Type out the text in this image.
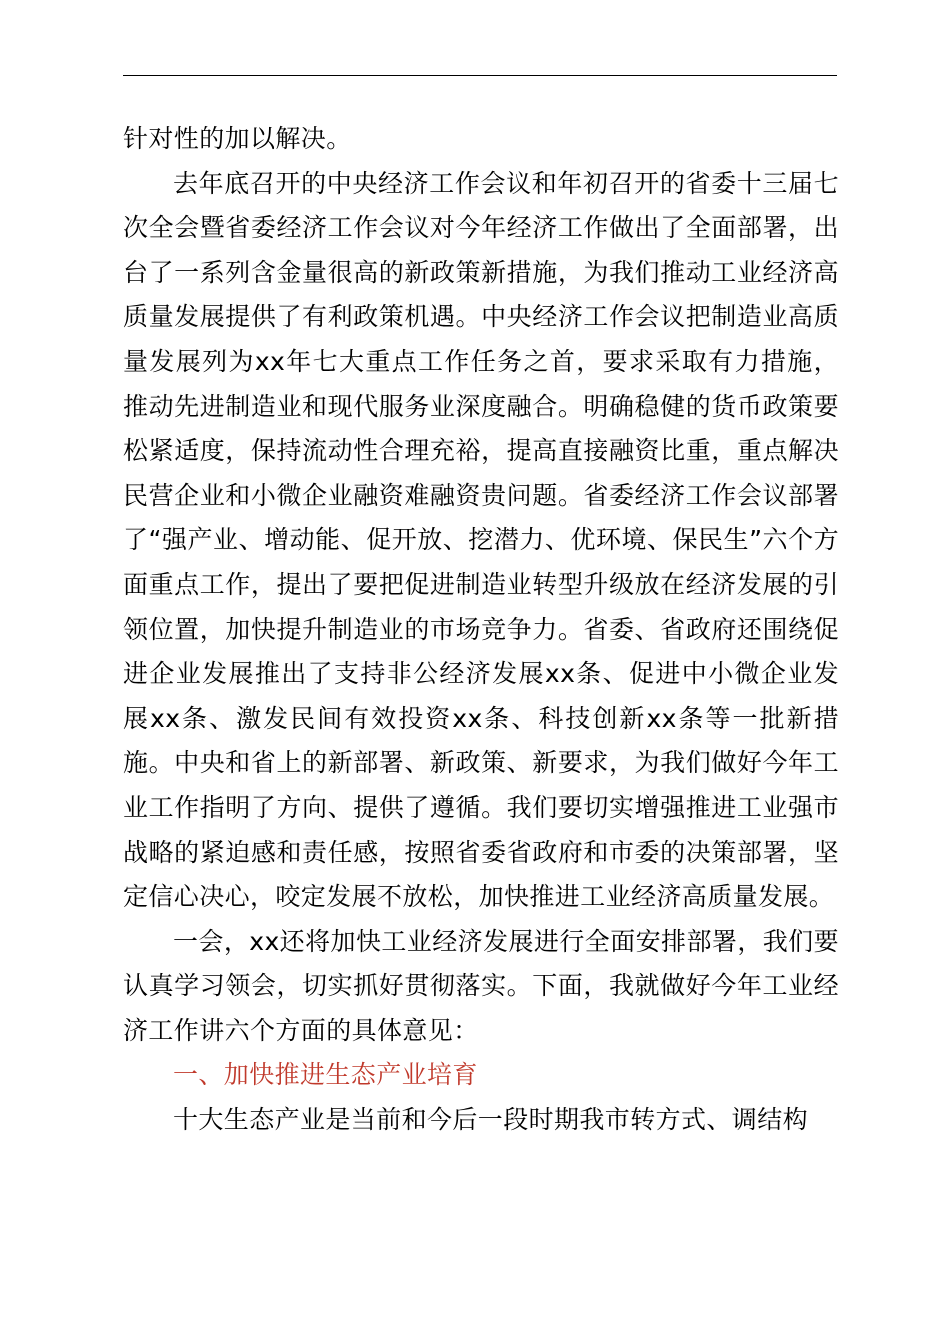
针对性的加以解决。

去年底召开的中央经济工作会议和年初召开的省委十三届七次全会暨省委经济工作会议对今年经济工作做出了全面部署，出台了一系列含金量很高的新政策新措施，为我们推动工业经济高质量发展提供了有利政策机遇。中央经济工作会议把制造业高质量发展列为xx年七大重点工作任务之首，要求采取有力措施，推动先进制造业和现代服务业深度融合。明确稳健的货币政策要松紧适度，保持流动性合理充裕，提高直接融资比重，重点解决民营企业和小微企业融资难融资贵问题。省委经济工作会议部署了“强产业、增动能、促开放、挖潜力、优环境、保民生”六个方面重点工作，提出了要把促进制造业转型升级放在经济发展的引领位置，加快提升制造业的市场竞争力。省委、省政府还围绕促进企业发展推出了支持非公经济发展xx条、促进中小微企业发展xx条、激发民间有效投资xx条、科技创新xx条等一批新措施。中央和省上的新部署、新政策、新要求，为我们做好今年工业工作指明了方向、提供了遵循。我们要切实增强推进工业强市战略的紧迫感和责任感，按照省委省政府和市委的决策部署，坚定信心决心，咬定发展不放松，加快推进工业经济高质量发展。

一会，xx还将加快工业经济发展进行全面安排部署，我们要认真学习领会，切实抓好贯彻落实。下面，我就做好今年工业经济工作讲六个方面的具体意见：

一、加快推进生态产业培育

十大生态产业是当前和今后一段时期我市转方式、调结构
